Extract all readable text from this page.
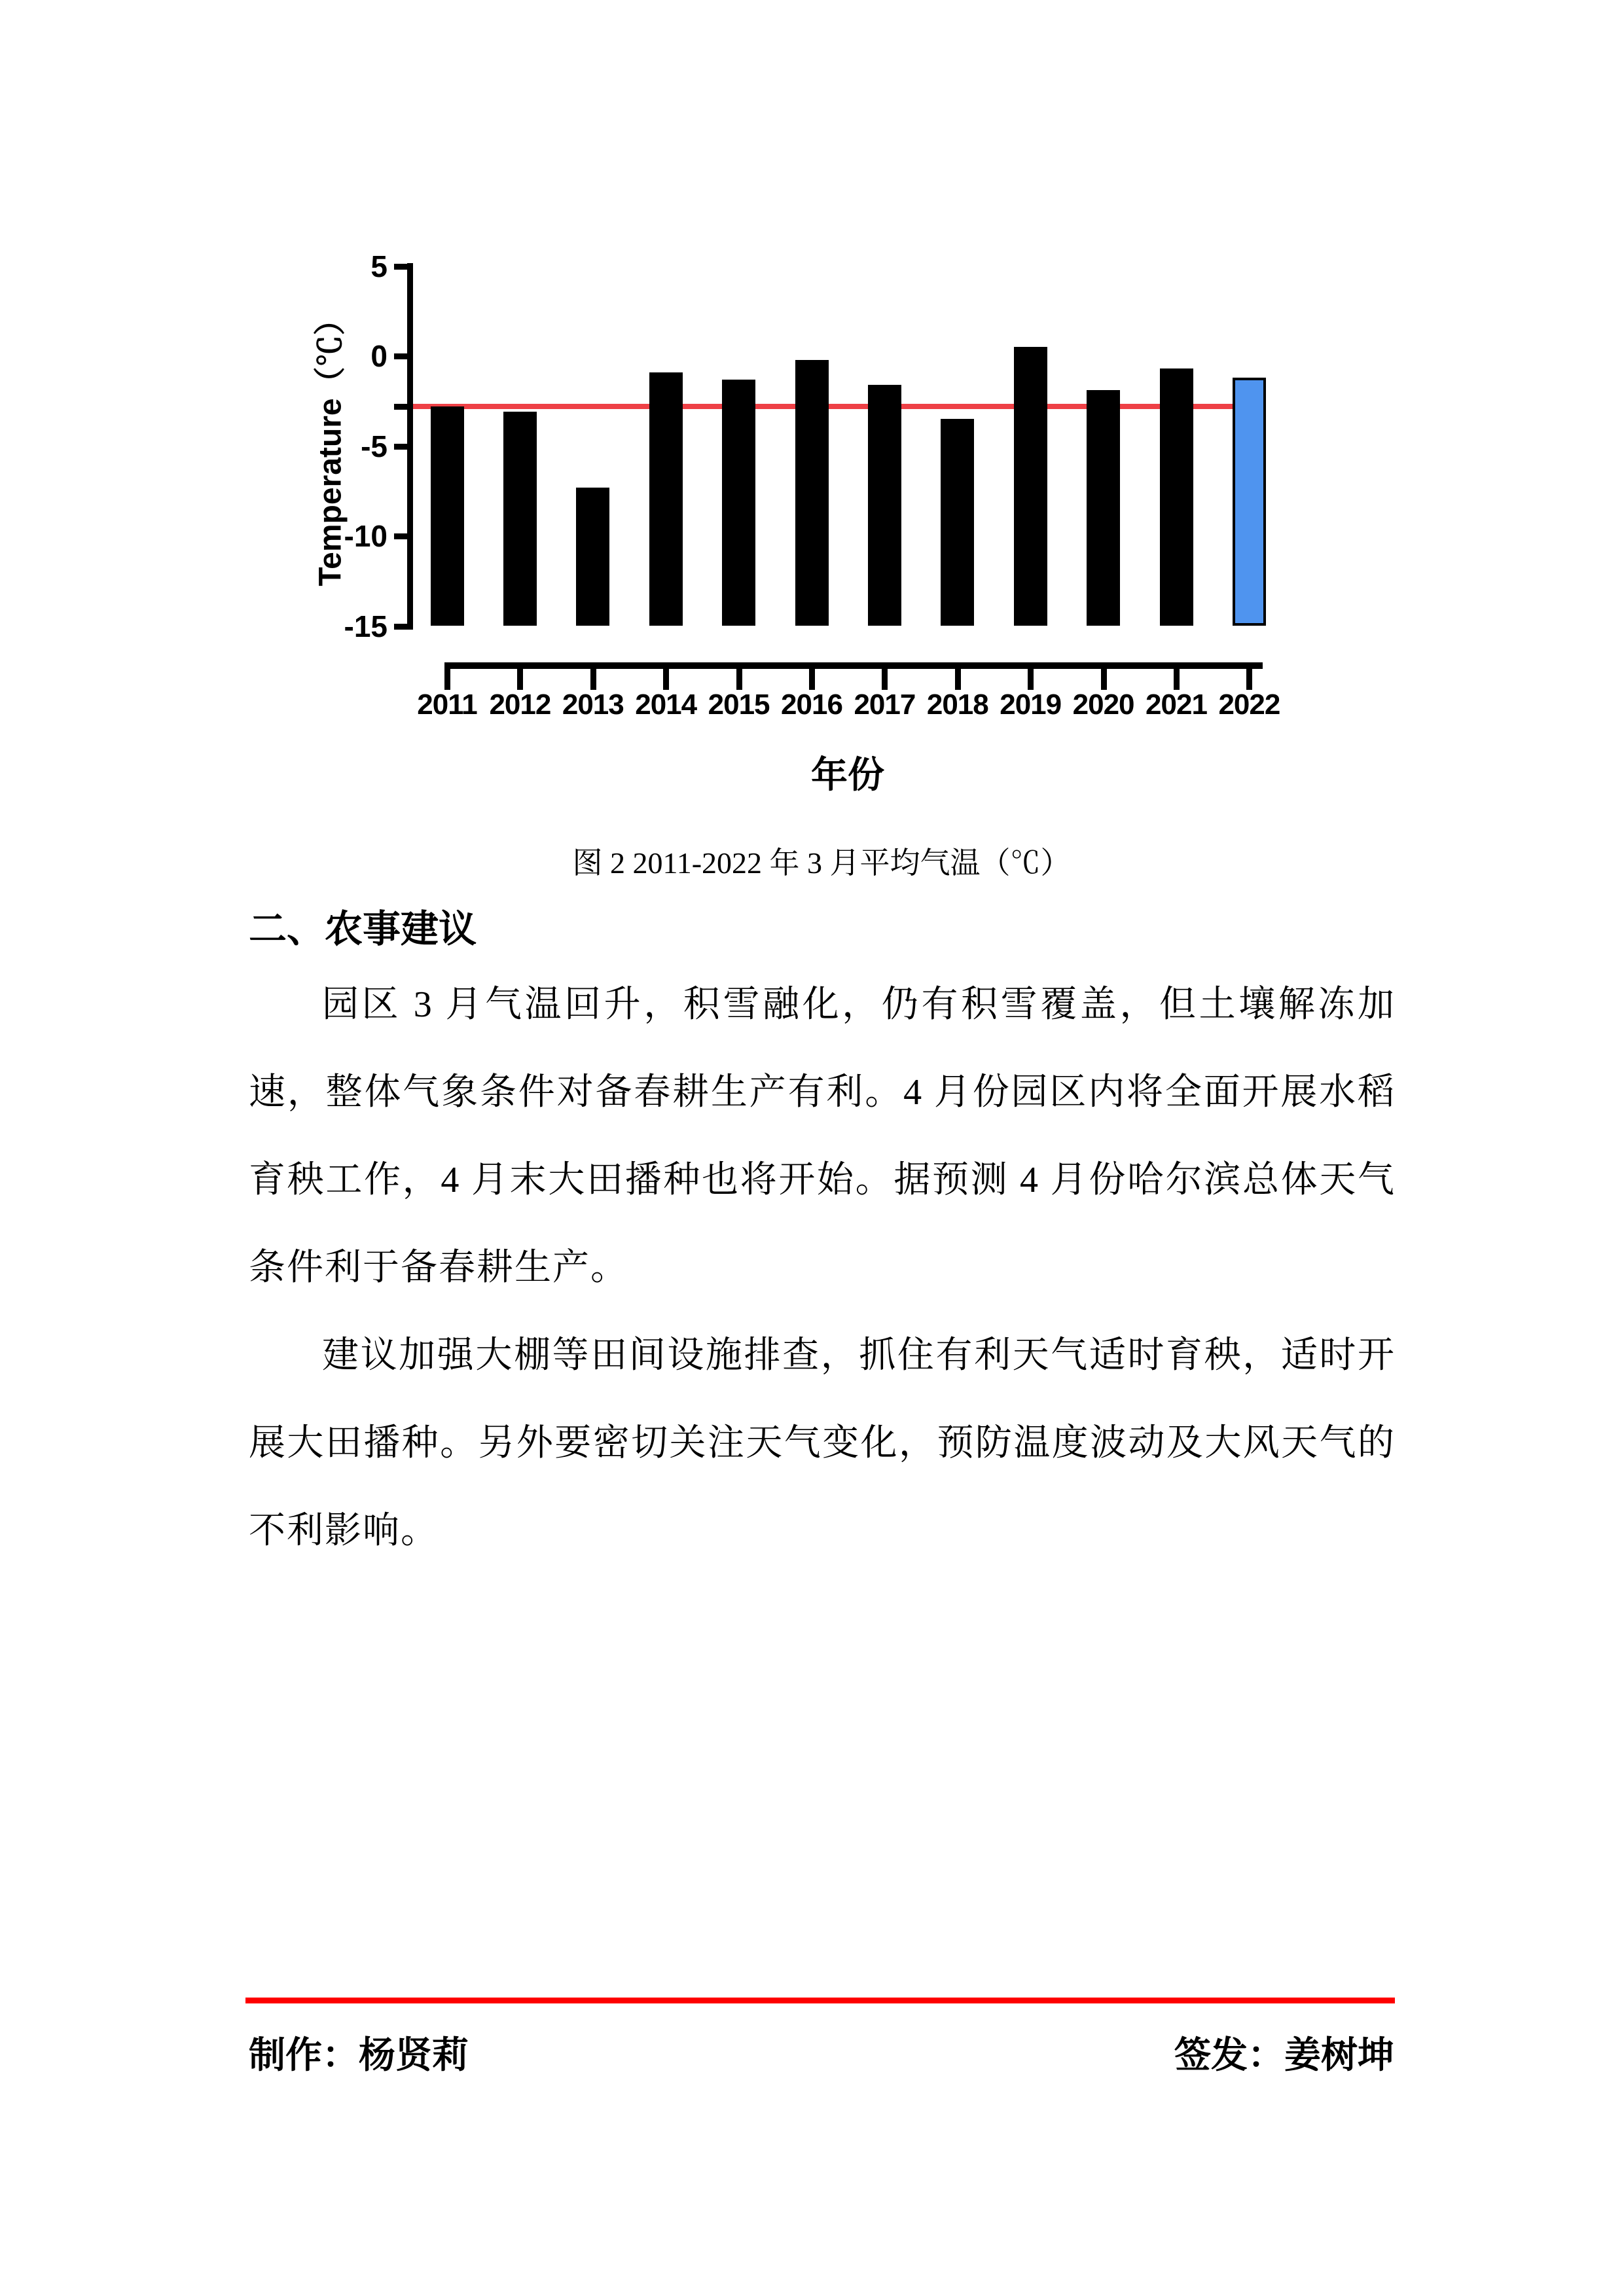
Temperature（℃）
5
0
-5
-10
-15
2011 2012 2013 2014 2015 2016 2017 2018 2019 2020 2021 2022
年份
图 2 2011-2022 年 3 月平均气温（℃）
二、农事建议

园区 3 月气温回升，积雪融化，仍有积雪覆盖，但土壤解冻加速，整体气象条件对备春耕生产有利。4 月份园区内将全面开展水稻育秧工作，4 月末大田播种也将开始。据预测 4 月份哈尔滨总体天气条件利于备春耕生产。

建议加强大棚等田间设施排查，抓住有利天气适时育秧，适时开展大田播种。另外要密切关注天气变化，预防温度波动及大风天气的不利影响。

制作：杨贤莉	签发：姜树坤
